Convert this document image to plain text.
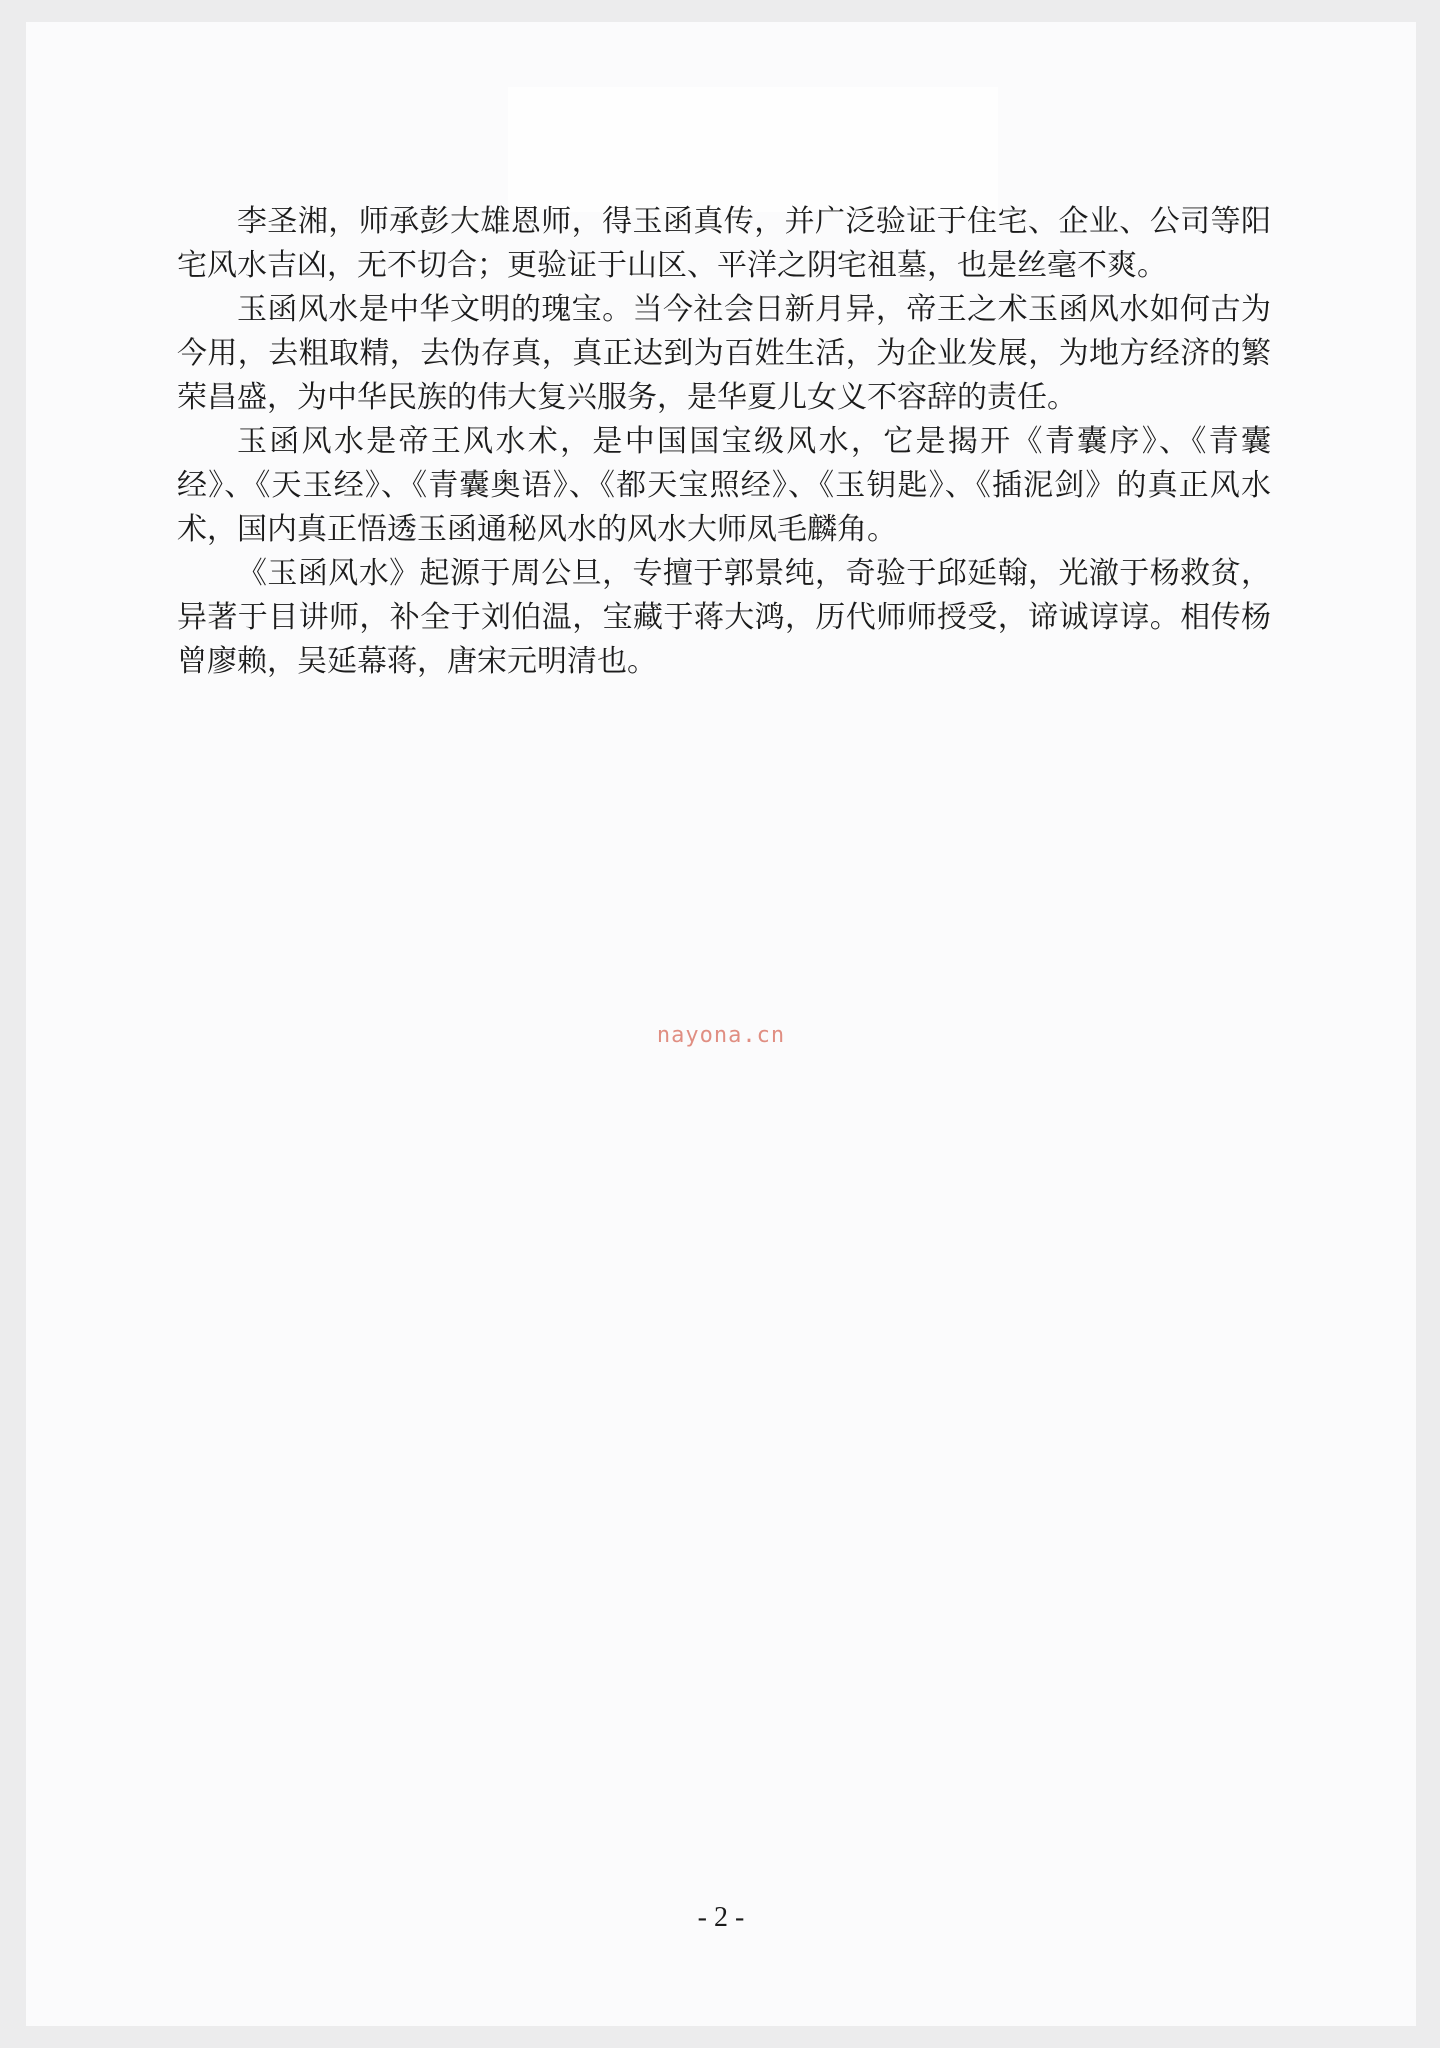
李圣湘，师承彭大雄恩师，得玉函真传，并广泛验证于住宅、企业、公司等阳宅风水吉凶，无不切合；更验证于山区、平洋之阴宅祖墓，也是丝毫不爽。

玉函风水是中华文明的瑰宝。当今社会日新月异，帝王之术玉函风水如何古为今用，去粗取精，去伪存真，真正达到为百姓生活，为企业发展，为地方经济的繁荣昌盛，为中华民族的伟大复兴服务，是华夏儿女义不容辞的责任。

玉函风水是帝王风水术，是中国国宝级风水，它是揭开《青囊序》、《青囊经》、《天玉经》、《青囊奥语》、《都天宝照经》、《玉钥匙》、《插泥剑》的真正风水术，国内真正悟透玉函通秘风水的风水大师凤毛麟角。

《玉函风水》起源于周公旦，专擅于郭景纯，奇验于邱延翰，光澈于杨救贫，异著于目讲师，补全于刘伯温，宝藏于蒋大鸿，历代师师授受，谛诚谆谆。相传杨曾廖赖，吴延幕蒋，唐宋元明清也。

nayona.cn
- 2 -
